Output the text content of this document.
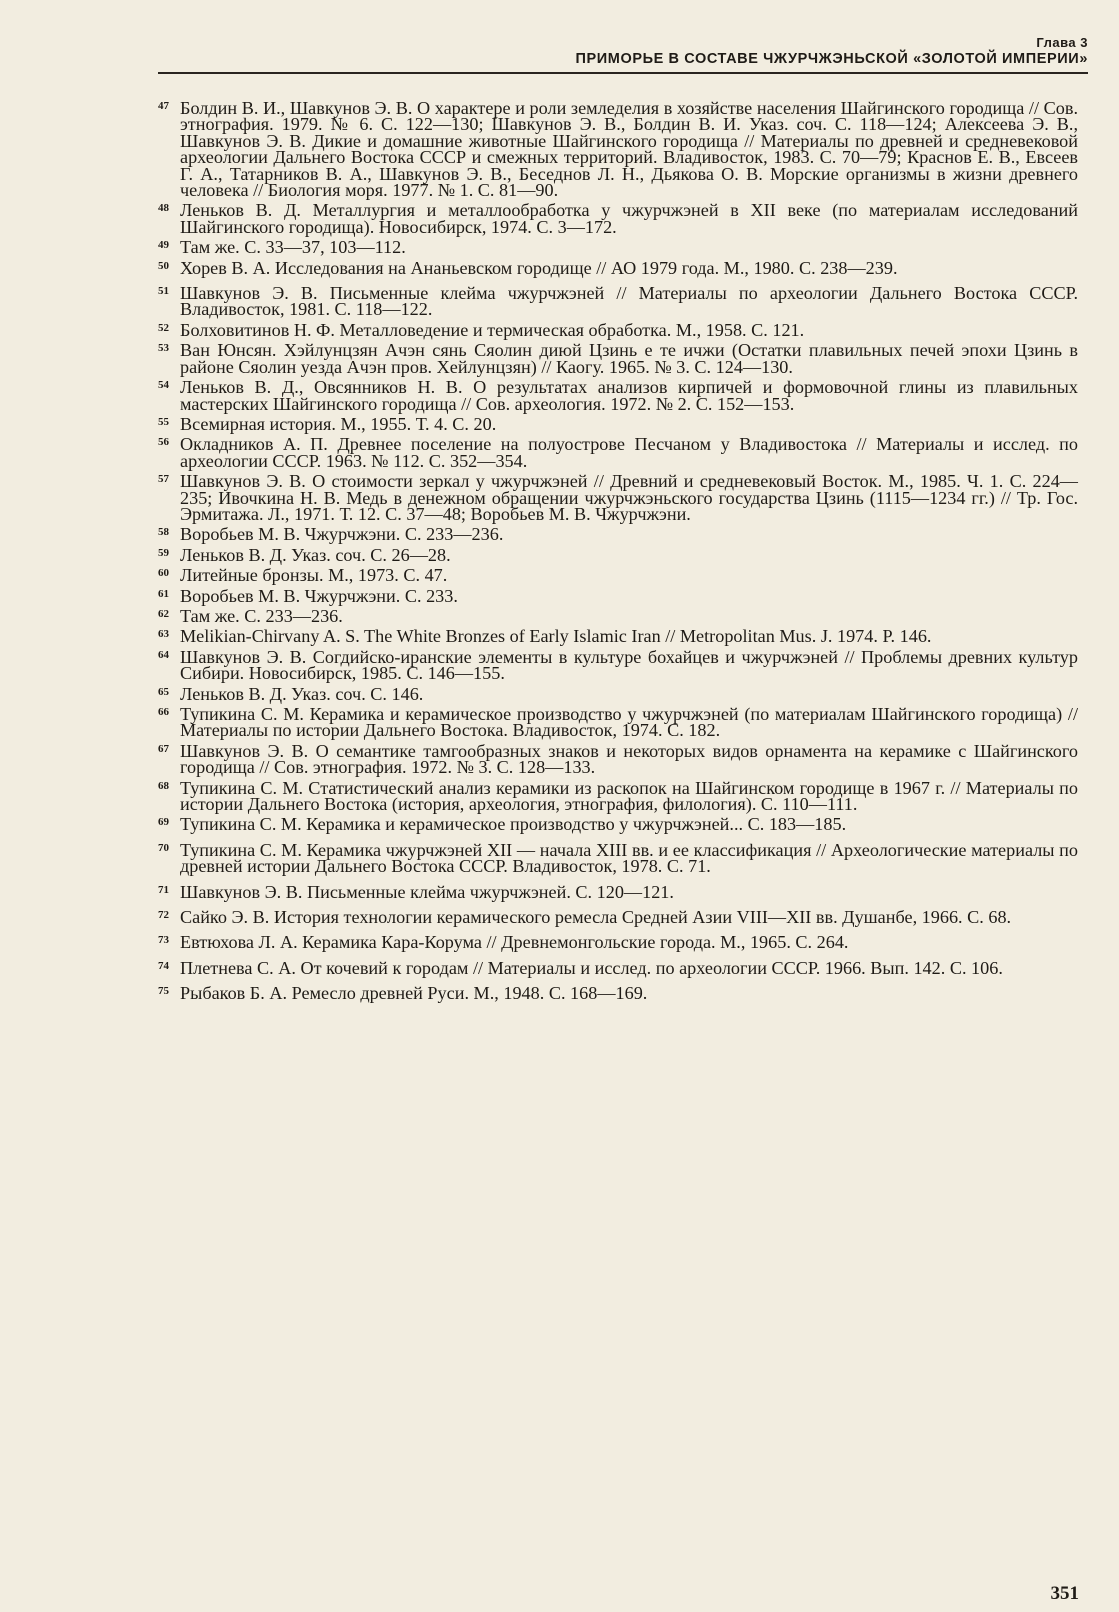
Глава 3
ПРИМОРЬЕ В СОСТАВЕ ЧЖУРЧЖЭНЬСКОЙ «ЗОЛОТОЙ ИМПЕРИИ»
47 Болдин В. И., Шавкунов Э. В. О характере и роли земледелия в хозяйстве населения Шайгинского городища // Сов. этнография. 1979. № 6. С. 122—130; Шавкунов Э. В., Болдин В. И. Указ. соч. С. 118—124; Алексеева Э. В., Шавкунов Э. В. Дикие и домашние животные Шайгинского городища // Материалы по древней и средневековой археологии Дальнего Востока СССР и смежных территорий. Владивосток, 1983. С. 70—79; Краснов Е. В., Евсеев Г. А., Татарников В. А., Шавкунов Э. В., Беседнов Л. Н., Дьякова О. В. Морские организмы в жизни древнего человека // Биология моря. 1977. № 1. С. 81—90.
48 Леньков В. Д. Металлургия и металлообработка у чжурчжэней в XII веке (по материалам исследований Шайгинского городища). Новосибирск, 1974. С. 3—172.
49 Там же. С. 33—37, 103—112.
50 Хорев В. А. Исследования на Ананьевском городище // АО 1979 года. М., 1980. С. 238—239.
51 Шавкунов Э. В. Письменные клейма чжурчжэней // Материалы по археологии Дальнего Востока СССР. Владивосток, 1981. С. 118—122.
52 Болховитинов Н. Ф. Металловедение и термическая обработка. М., 1958. С. 121.
53 Ван Юнсян. Хэйлунцзян Ачэн сянь Сяолин диюй Цзинь е те ичжи (Остатки плавильных печей эпохи Цзинь в районе Сяолин уезда Ачэн пров. Хейлунцзян) // Каогу. 1965. № 3. С. 124—130.
54 Леньков В. Д., Овсянников Н. В. О результатах анализов кирпичей и формовочной глины из плавильных мастерских Шайгинского городища // Сов. археология. 1972. № 2. С. 152—153.
55 Всемирная история. М., 1955. Т. 4. С. 20.
56 Окладников А. П. Древнее поселение на полуострове Песчаном у Владивостока // Материалы и исслед. по археологии СССР. 1963. № 112. С. 352—354.
57 Шавкунов Э. В. О стоимости зеркал у чжурчжэней // Древний и средневековый Восток. М., 1985. Ч. 1. С. 224—235; Ивочкина Н. В. Медь в денежном обращении чжурчжэньского государства Цзинь (1115—1234 гг.) // Тр. Гос. Эрмитажа. Л., 1971. Т. 12. С. 37—48; Воробьев М. В. Чжурчжэни.
58 Воробьев М. В. Чжурчжэни. С. 233—236.
59 Леньков В. Д. Указ. соч. С. 26—28.
60 Литейные бронзы. М., 1973. С. 47.
61 Воробьев М. В. Чжурчжэни. С. 233.
62 Там же. С. 233—236.
63 Melikian-Chirvany A. S. The White Bronzes of Early Islamic Iran // Metropolitan Mus. J. 1974. P. 146.
64 Шавкунов Э. В. Согдийско-иранские элементы в культуре бохайцев и чжурчжэней // Проблемы древних культур Сибири. Новосибирск, 1985. С. 146—155.
65 Леньков В. Д. Указ. соч. С. 146.
66 Тупикина С. М. Керамика и керамическое производство у чжурчжэней (по материалам Шайгинского городища) // Материалы по истории Дальнего Востока. Владивосток, 1974. С. 182.
67 Шавкунов Э. В. О семантике тамгообразных знаков и некоторых видов орнамента на керамике с Шайгинского городища // Сов. этнография. 1972. № 3. С. 128—133.
68 Тупикина С. М. Статистический анализ керамики из раскопок на Шайгинском городище в 1967 г. // Материалы по истории Дальнего Востока (история, археология, этнография, филология). С. 110—111.
69 Тупикина С. М. Керамика и керамическое производство у чжурчжэней... С. 183—185.
70 Тупикина С. М. Керамика чжурчжэней XII — начала XIII вв. и ее классификация // Археологические материалы по древней истории Дальнего Востока СССР. Владивосток, 1978. С. 71.
71 Шавкунов Э. В. Письменные клейма чжурчжэней. С. 120—121.
72 Сайко Э. В. История технологии керамического ремесла Средней Азии VIII—XII вв. Душанбе, 1966. С. 68.
73 Евтюхова Л. А. Керамика Кара-Корума // Древнемонгольские города. М., 1965. С. 264.
74 Плетнева С. А. От кочевий к городам // Материалы и исслед. по археологии СССР. 1966. Вып. 142. С. 106.
75 Рыбаков Б. А. Ремесло древней Руси. М., 1948. С. 168—169.
351
